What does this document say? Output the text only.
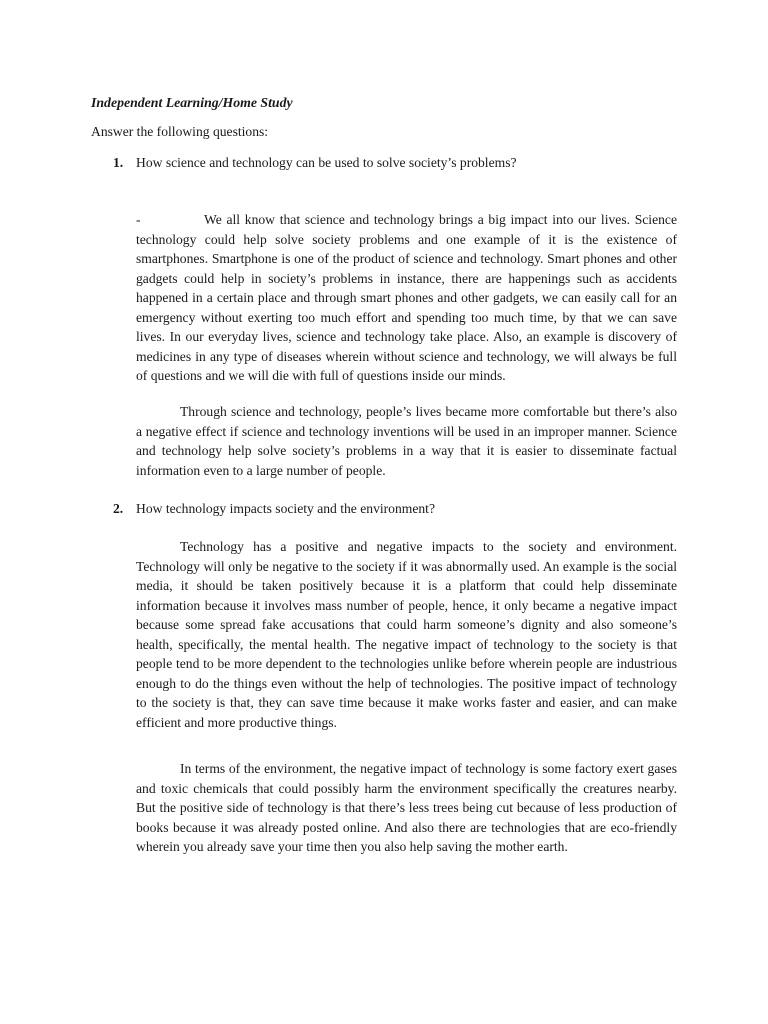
Independent Learning/Home Study

Answer the following questions:

1. How science and technology can be used to solve society’s problems?

-	We all know that science and technology brings a big impact into our lives. Science technology could help solve society problems and one example of it is the existence of smartphones. Smartphone is one of the product of science and technology. Smart phones and other gadgets could help in society’s problems in instance, there are happenings such as accidents happened in a certain place and through smart phones and other gadgets, we can easily call for an emergency without exerting too much effort and spending too much time, by that we can save lives. In our everyday lives, science and technology take place. Also, an example is discovery of medicines in any type of diseases wherein without science and technology, we will always be full of questions and we will die with full of questions inside our minds.

Through science and technology, people’s lives became more comfortable but there’s also a negative effect if science and technology inventions will be used in an improper manner. Science and technology help solve society’s problems in a way that it is easier to disseminate factual information even to a large number of people.

2. How technology impacts society and the environment?

Technology has a positive and negative impacts to the society and environment. Technology will only be negative to the society if it was abnormally used. An example is the social media, it should be taken positively because it is a platform that could help disseminate information because it involves mass number of people, hence, it only became a negative impact because some spread fake accusations that could harm someone’s dignity and also someone’s health, specifically, the mental health. The negative impact of technology to the society is that people tend to be more dependent to the technologies unlike before wherein people are industrious enough to do the things even without the help of technologies. The positive impact of technology to the society is that, they can save time because it make works faster and easier, and can make efficient and more productive things.

In terms of the environment, the negative impact of technology is some factory exert gases and toxic chemicals that could possibly harm the environment specifically the creatures nearby. But the positive side of technology is that there’s less trees being cut because of less production of books because it was already posted online. And also there are technologies that are eco-friendly wherein you already save your time then you also help saving the mother earth.
